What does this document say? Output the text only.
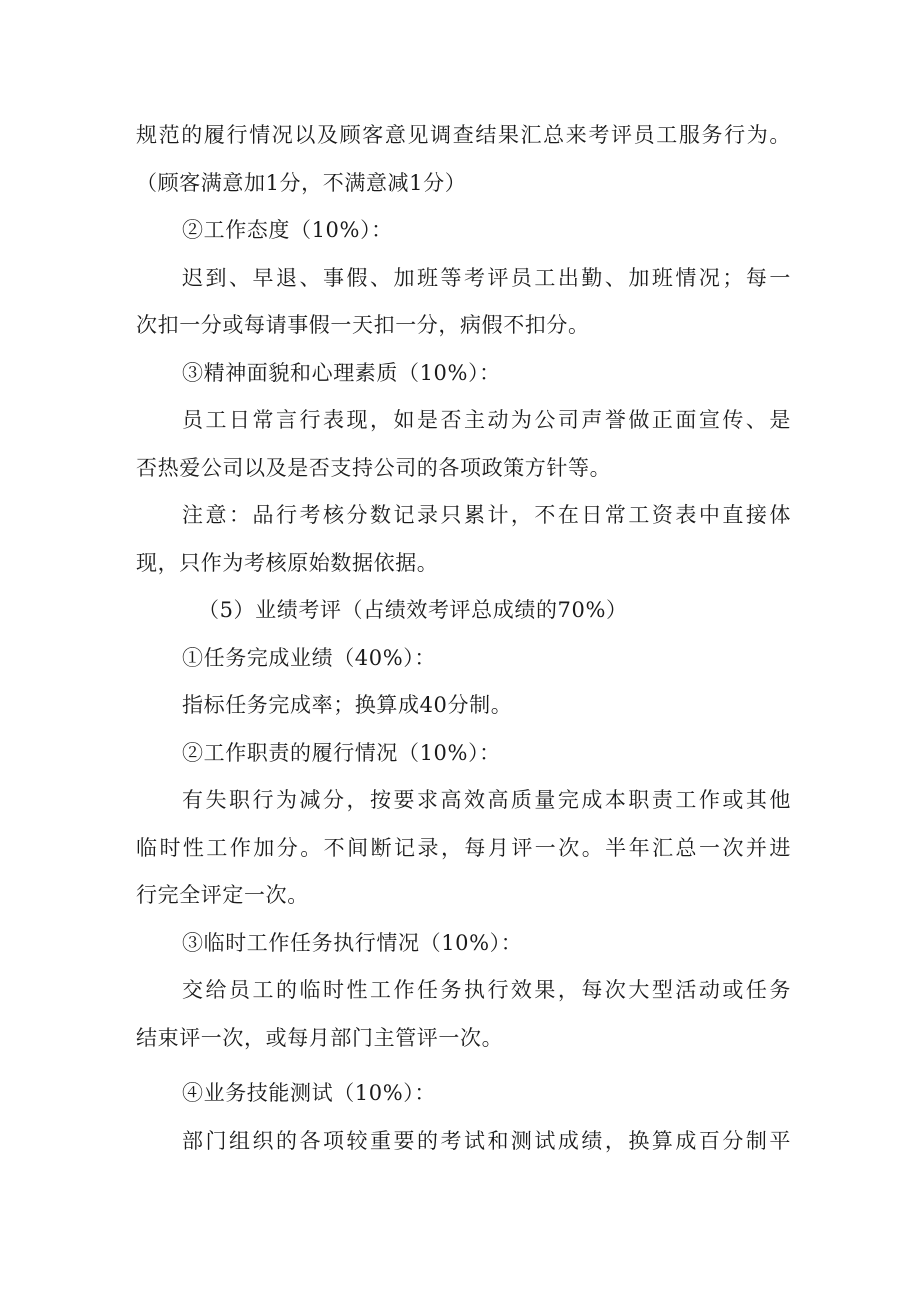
规范的履行情况以及顾客意见调查结果汇总来考评员工服务行为。
（顾客满意加1分，不满意减1分）
②工作态度（10%）：
迟到、早退、事假、加班等考评员工出勤、加班情况；每一
次扣一分或每请事假一天扣一分，病假不扣分。
③精神面貌和心理素质（10%）：
员工日常言行表现，如是否主动为公司声誉做正面宣传、是
否热爱公司以及是否支持公司的各项政策方针等。
注意：品行考核分数记录只累计，不在日常工资表中直接体
现，只作为考核原始数据依据。
（5）业绩考评（占绩效考评总成绩的70%）
①任务完成业绩（40%）：
指标任务完成率；换算成40分制。
②工作职责的履行情况（10%）：
有失职行为减分，按要求高效高质量完成本职责工作或其他
临时性工作加分。不间断记录，每月评一次。半年汇总一次并进
行完全评定一次。
③临时工作任务执行情况（10%）：
交给员工的临时性工作任务执行效果，每次大型活动或任务
结束评一次，或每月部门主管评一次。
④业务技能测试（10%）：
部门组织的各项较重要的考试和测试成绩，换算成百分制平
